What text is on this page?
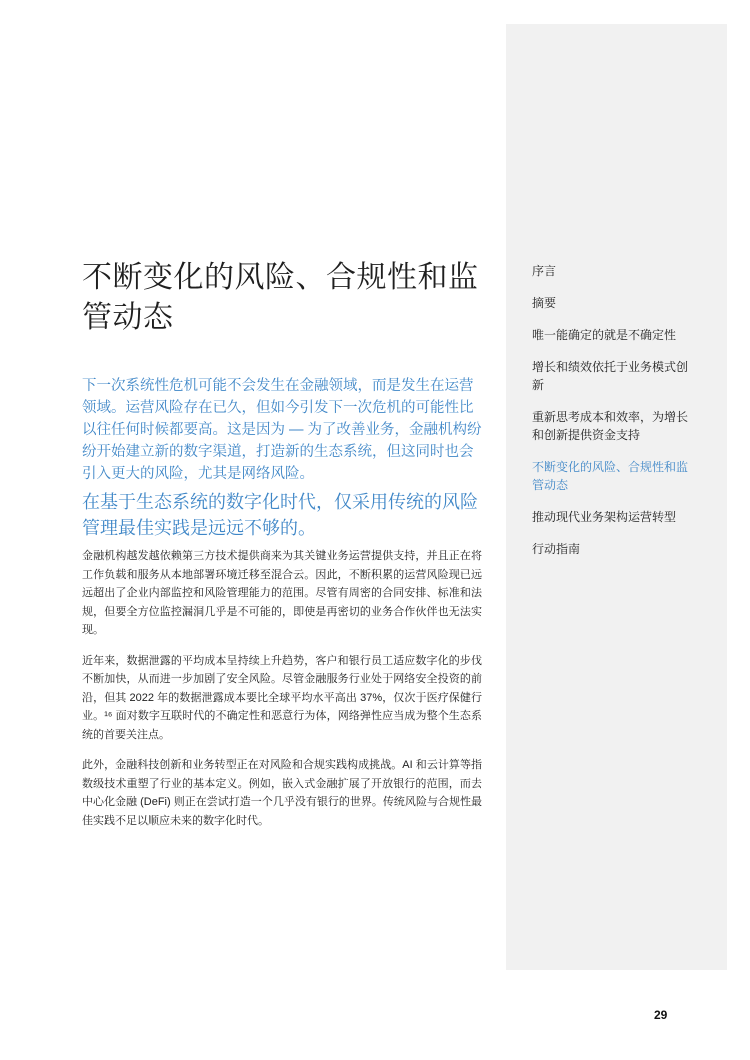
序言
摘要
唯一能确定的就是不确定性
增长和绩效依托于业务模式创新
重新思考成本和效率，为增长和创新提供资金支持
不断变化的风险、合规性和监管动态
推动现代业务架构运营转型
行动指南
不断变化的风险、合规性和监管动态

下一次系统性危机可能不会发生在金融领域，而是发生在运营领域。运营风险存在已久，但如今引发下一次危机的可能性比以往任何时候都要高。这是因为 — 为了改善业务，金融机构纷纷开始建立新的数字渠道，打造新的生态系统，但这同时也会引入更大的风险，尤其是网络风险。

在基于生态系统的数字化时代，仅采用传统的风险管理最佳实践是远远不够的。

金融机构越发越依赖第三方技术提供商来为其关键业务运营提供支持，并且正在将工作负载和服务从本地部署环境迁移至混合云。因此，不断积累的运营风险现已远远超出了企业内部监控和风险管理能力的范围。尽管有周密的合同安排、标准和法规，但要全方位监控漏洞几乎是不可能的，即使是再密切的业务合作伙伴也无法实现。

近年来，数据泄露的平均成本呈持续上升趋势，客户和银行员工适应数字化的步伐不断加快，从而进一步加剧了安全风险。尽管金融服务行业处于网络安全投资的前沿，但其 2022 年的数据泄露成本要比全球平均水平高出 37%，仅次于医疗保健行业。¹⁶ 面对数字互联时代的不确定性和恶意行为体，网络弹性应当成为整个生态系统的首要关注点。

此外，金融科技创新和业务转型正在对风险和合规实践构成挑战。AI 和云计算等指数级技术重塑了行业的基本定义。例如，嵌入式金融扩展了开放银行的范围，而去中心化金融 (DeFi) 则正在尝试打造一个几乎没有银行的世界。传统风险与合规性最佳实践不足以顺应未来的数字化时代。

29
